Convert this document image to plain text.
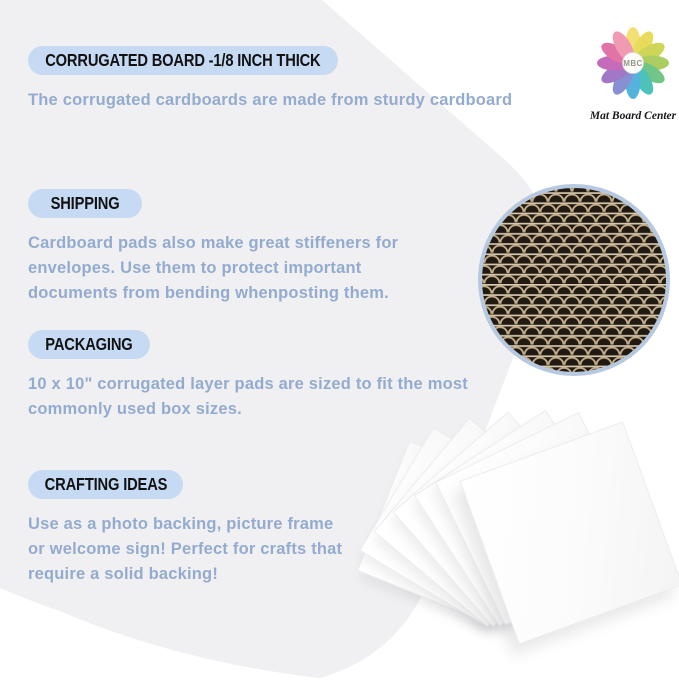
CORRUGATED BOARD -1/8 INCH THICK
The corrugated cardboards are made from sturdy cardboard
SHIPPING
Cardboard pads also make great stiffeners for
envelopes. Use them to protect important
documents from bending whenposting them.
PACKAGING
10 x 10" corrugated layer pads are sized to fit the most
commonly used box sizes.
CRAFTING IDEAS
Use as a photo backing, picture frame
or welcome sign! Perfect for crafts that
require a solid backing!
MBC
Mat Board Center
